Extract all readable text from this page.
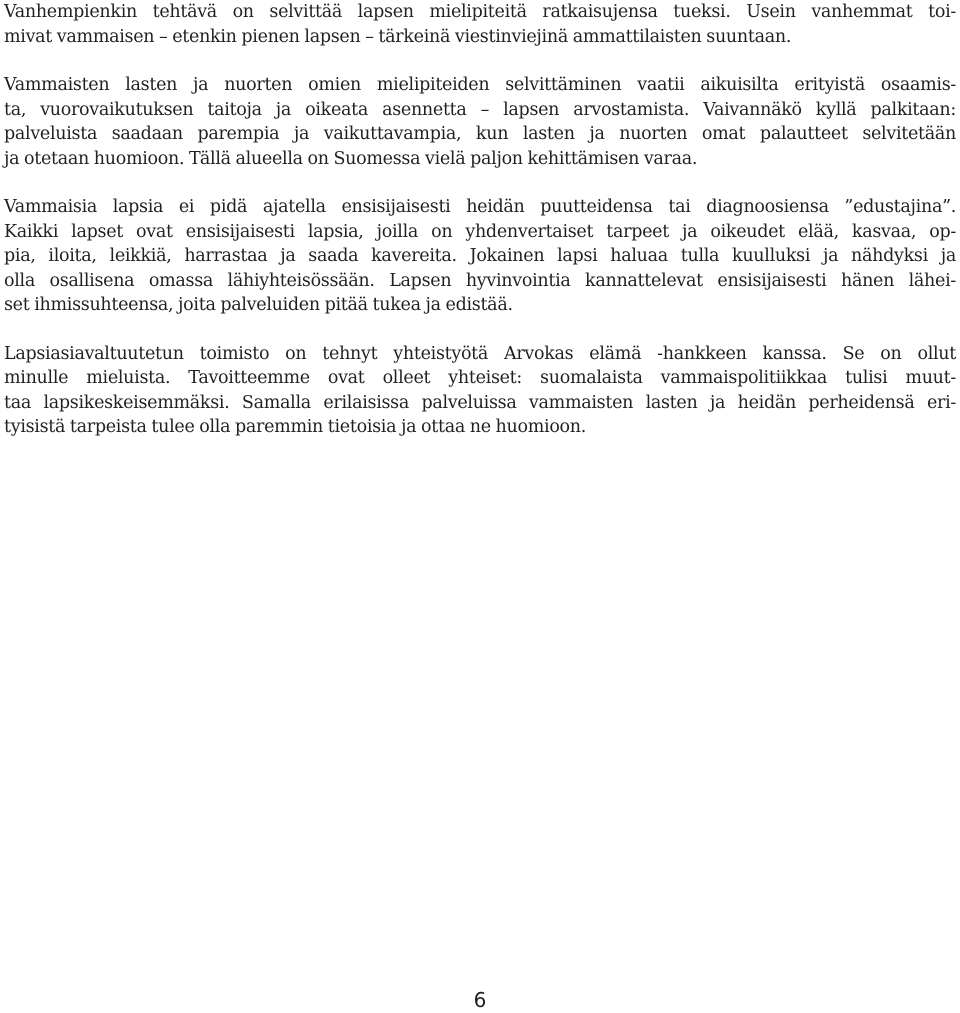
Vanhempienkin tehtävä on selvittää lapsen mielipiteitä ratkaisujensa tueksi. Usein vanhemmat toi-
mivat vammaisen – etenkin pienen lapsen – tärkeinä viestinviejinä ammattilaisten suuntaan.

Vammaisten lasten ja nuorten omien mielipiteiden selvittäminen vaatii aikuisilta erityistä osaamis-
ta, vuorovaikutuksen taitoja ja oikeata asennetta – lapsen arvostamista. Vaivannäkö kyllä palkitaan:
palveluista saadaan parempia ja vaikuttavampia, kun lasten ja nuorten omat palautteet selvitetään
ja otetaan huomioon. Tällä alueella on Suomessa vielä paljon kehittämisen varaa.

Vammaisia lapsia ei pidä ajatella ensisijaisesti heidän puutteidensa tai diagnoosiensa ”edustajina”.
Kaikki lapset ovat ensisijaisesti lapsia, joilla on yhdenvertaiset tarpeet ja oikeudet elää, kasvaa, op-
pia, iloita, leikkiä, harrastaa ja saada kavereita. Jokainen lapsi haluaa tulla kuulluksi ja nähdyksi ja
olla osallisena omassa lähiyhteisössään. Lapsen hyvinvointia kannattelevat ensisijaisesti hänen lähei-
set ihmissuhteensa, joita palveluiden pitää tukea ja edistää.

Lapsiasiavaltuutetun toimisto on tehnyt yhteistyötä Arvokas elämä -hankkeen kanssa. Se on ollut
minulle mieluista. Tavoitteemme ovat olleet yhteiset: suomalaista vammaispolitiikkaa tulisi muut-
taa lapsikeskeisemmäksi. Samalla erilaisissa palveluissa vammaisten lasten ja heidän perheidensä eri-
tyisistä tarpeista tulee olla paremmin tietoisia ja ottaa ne huomioon.

6
